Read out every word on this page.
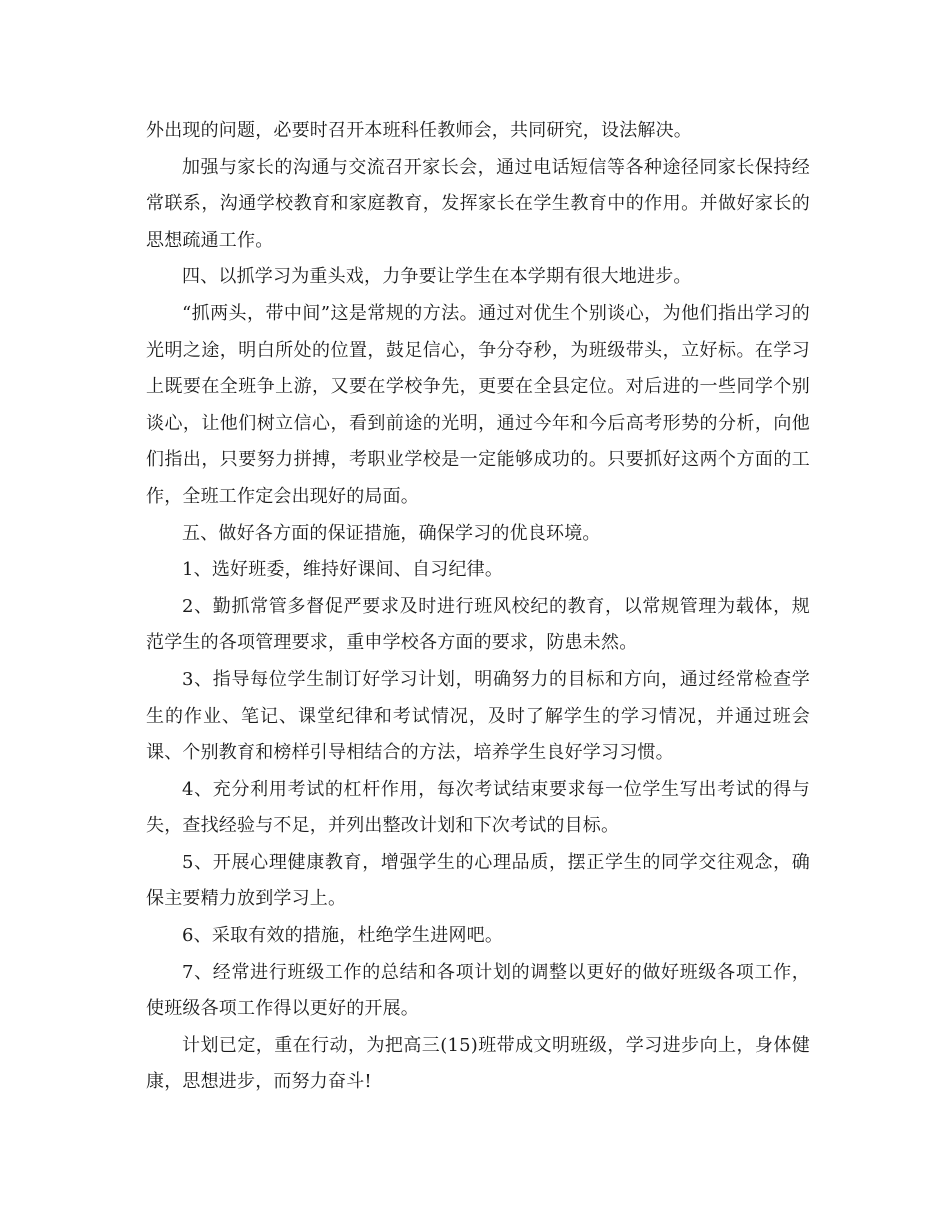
外出现的问题，必要时召开本班科任教师会，共同研究，设法解决。

加强与家长的沟通与交流召开家长会，通过电话短信等各种途径同家长保持经常联系，沟通学校教育和家庭教育，发挥家长在学生教育中的作用。并做好家长的思想疏通工作。

四、以抓学习为重头戏，力争要让学生在本学期有很大地进步。

“抓两头，带中间”这是常规的方法。通过对优生个别谈心，为他们指出学习的光明之途，明白所处的位置，鼓足信心，争分夺秒，为班级带头，立好标。在学习上既要在全班争上游，又要在学校争先，更要在全县定位。对后进的一些同学个别谈心，让他们树立信心，看到前途的光明，通过今年和今后高考形势的分析，向他们指出，只要努力拼搏，考职业学校是一定能够成功的。只要抓好这两个方面的工作，全班工作定会出现好的局面。

五、做好各方面的保证措施，确保学习的优良环境。

1、选好班委，维持好课间、自习纪律。

2、勤抓常管多督促严要求及时进行班风校纪的教育，以常规管理为载体，规范学生的各项管理要求，重申学校各方面的要求，防患未然。

3、指导每位学生制订好学习计划，明确努力的目标和方向，通过经常检查学生的作业、笔记、课堂纪律和考试情况，及时了解学生的学习情况，并通过班会课、个别教育和榜样引导相结合的方法，培养学生良好学习习惯。

4、充分利用考试的杠杆作用，每次考试结束要求每一位学生写出考试的得与失，查找经验与不足，并列出整改计划和下次考试的目标。

5、开展心理健康教育，增强学生的心理品质，摆正学生的同学交往观念，确保主要精力放到学习上。

6、采取有效的措施，杜绝学生进网吧。

7、经常进行班级工作的总结和各项计划的调整以更好的做好班级各项工作，使班级各项工作得以更好的开展。

计划已定，重在行动，为把高三(15)班带成文明班级，学习进步向上，身体健康，思想进步，而努力奋斗!
